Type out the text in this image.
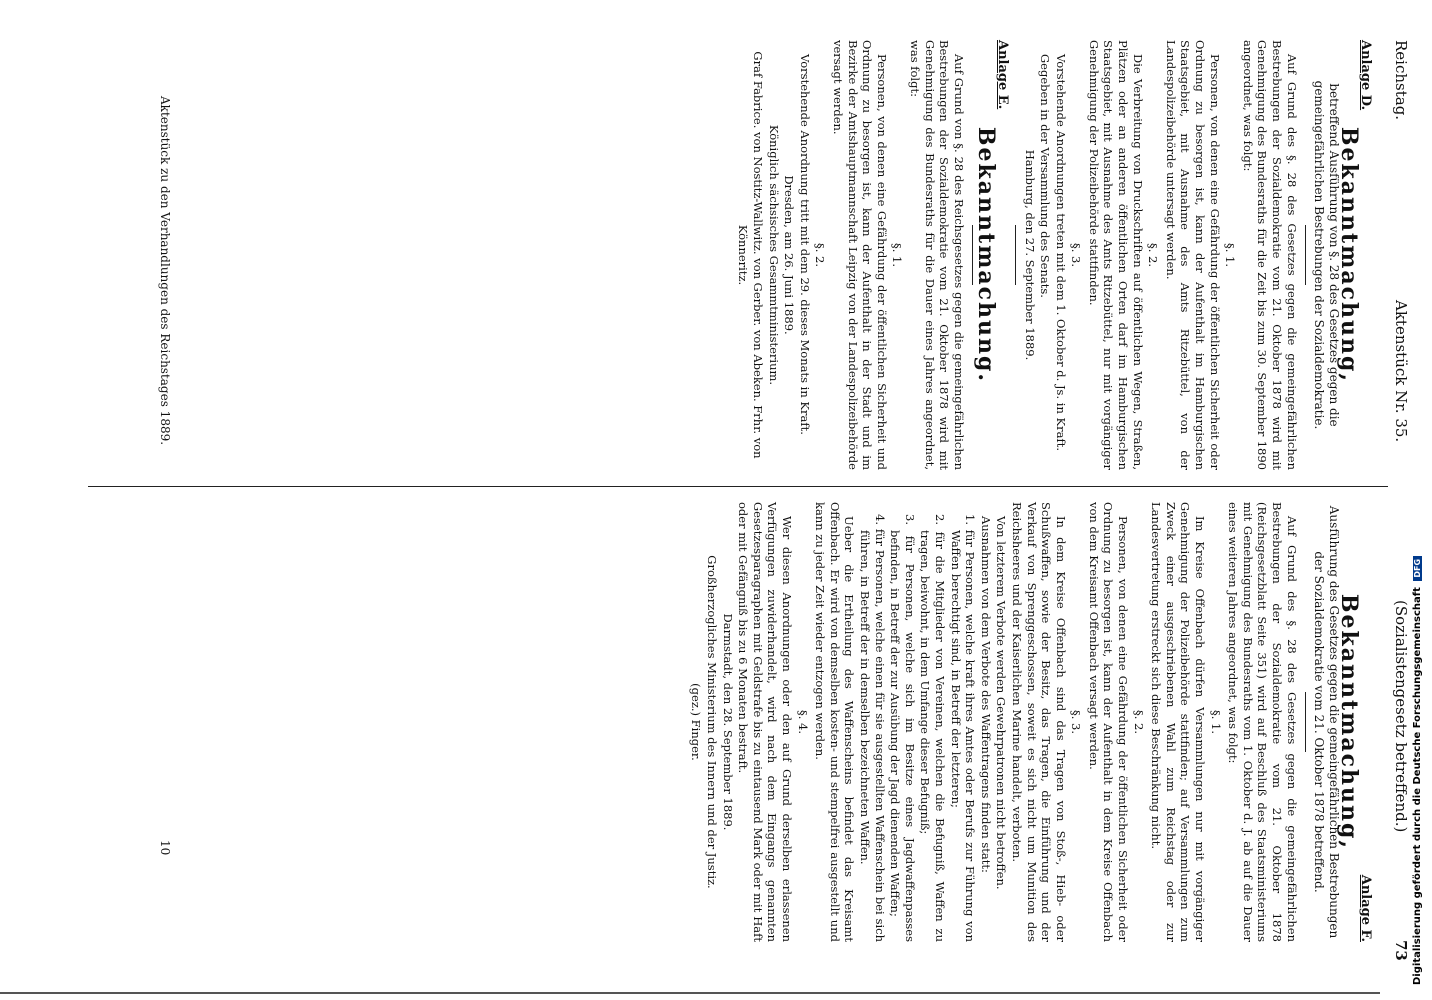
Reichstag.
Aktenstück Nr. 35.
(Sozialistengesetz betreffend.)
73

Anlage D.

Bekanntmachung,

betreffend Ausführung von §. 28 des Gesetzes gegen die gemeingefährlichen Bestrebungen der Sozialdemokratie.

Auf Grund des §. 28 des Gesetzes gegen die gemeingefährlichen Bestrebungen der Sozialdemokratie vom 21. Oktober 1878 wird mit Genehmigung des Bundesraths für die Zeit bis zum 30. September 1890 angeordnet, was folgt:

§. 1.

Personen, von denen eine Gefährdung der öffentlichen Sicherheit oder Ordnung zu besorgen ist, kann der Aufenthalt im Hamburgischen Staatsgebiet, mit Ausnahme des Amts Ritzebüttel, von der Landespolizeibehörde untersagt werden.

§. 2.

Die Verbreitung von Druckschriften auf öffentlichen Wegen, Straßen, Plätzen oder an anderen öffentlichen Orten darf im Hamburgischen Staatsgebiet, mit Ausnahme des Amts Ritzebüttel, nur mit vorgängiger Genehmigung der Polizeibehörde stattfinden.

§. 3.

Vorstehende Anordnungen treten mit dem 1. Oktober d. Js. in Kraft.

Gegeben in der Versammlung des Senats.

Hamburg, den 27. September 1889.

Anlage E.

Bekanntmachung.

Auf Grund von §. 28 des Reichsgesetzes gegen die gemeingefährlichen Bestrebungen der Sozialdemokratie vom 21. Oktober 1878 wird mit Genehmigung des Bundesraths für die Dauer eines Jahres angeordnet, was folgt:

§. 1.

Personen, von denen eine Gefährdung der öffentlichen Sicherheit und Ordnung zu besorgen ist, kann der Aufenthalt in der Stadt und im Bezirke der Amtshauptmannschaft Leipzig von der Landespolizeibehörde versagt werden.

§. 2.

Vorstehende Anordnung tritt mit dem 29. dieses Monats in Kraft.

Dresden, am 26. Juni 1889.

Königlich sächsisches Gesammtministerium.

Graf Fabrice. von Nostitz-Wallwitz. von Gerber. von Abeken. Frhr. von Könneritz.

Anlage F.

Bekanntmachung,

Ausführung des Gesetzes gegen die gemeingefährlichen Bestrebungen der Sozialdemokratie vom 21. Oktober 1878 betreffend.

Auf Grund des §. 28 des Gesetzes gegen die gemeingefährlichen Bestrebungen der Sozialdemokratie vom 21. Oktober 1878 (Reichsgesetzblatt Seite 351) wird auf Beschluß des Staatsministeriums mit Genehmigung des Bundesraths vom 1. Oktober d. J. ab auf die Dauer eines weiteren Jahres angeordnet, was folgt:

§. 1.

Im Kreise Offenbach dürfen Versammlungen nur mit vorgängiger Genehmigung der Polizeibehörde stattfinden; auf Versammlungen zum Zweck einer ausgeschriebenen Wahl zum Reichstag oder zur Landesvertretung erstreckt sich diese Beschränkung nicht.

§. 2.

Personen, von denen eine Gefährdung der öffentlichen Sicherheit oder Ordnung zu besorgen ist, kann der Aufenthalt in dem Kreise Offenbach von dem Kreisamt Offenbach versagt werden.

§. 3.

In dem Kreise Offenbach sind das Tragen von Stoß-, Hieb- oder Schußwaffen, sowie der Besitz, das Tragen, die Einführung und der Verkauf von Sprenggeschossen, soweit es sich nicht um Munition des Reichsheeres und der Kaiserlichen Marine handelt, verboten.

Von letzterem Verbote werden Gewehrpatronen nicht betroffen.

Ausnahmen von dem Verbote des Waffentragens finden statt:

1. für Personen, welche kraft ihres Amtes oder Berufs zur Führung von Waffen berechtigt sind, in Betreff der letzteren;

2. für die Mitglieder von Vereinen, welchen die Befugniß, Waffen zu tragen, beiwohnt, in dem Umfange dieser Befugniß;

3. für Personen, welche sich im Besitze eines Jagdwaffenpasses befinden, in Betreff der zur Ausübung der Jagd dienenden Waffen;

4. für Personen, welche einen für sie ausgestellten Waffenschein bei sich führen, in Betreff der in demselben bezeichneten Waffen.

Ueber die Ertheilung des Waffenscheins befindet das Kreisamt Offenbach. Er wird von demselben kosten- und stempelfrei ausgestellt und kann zu jeder Zeit wieder entzogen werden.

§. 4.

Wer diesen Anordnungen oder den auf Grund derselben erlassenen Verfügungen zuwiderhandelt, wird nach dem Eingangs genannten Gesetzesparagraphen mit Geldstrafe bis zu eintausend Mark oder mit Haft oder mit Gefängniß bis zu 6 Monaten bestraft.

Darmstadt, den 28. September 1889.

Großherzogliches Ministerium des Innern und der Justiz.

(gez.) Finger.

Aktenstück zu den Verhandlungen des Reichstages 1889.
10	Digitalisierung gefördert durch die Deutsche Forschungsgemeinschaft DFG
